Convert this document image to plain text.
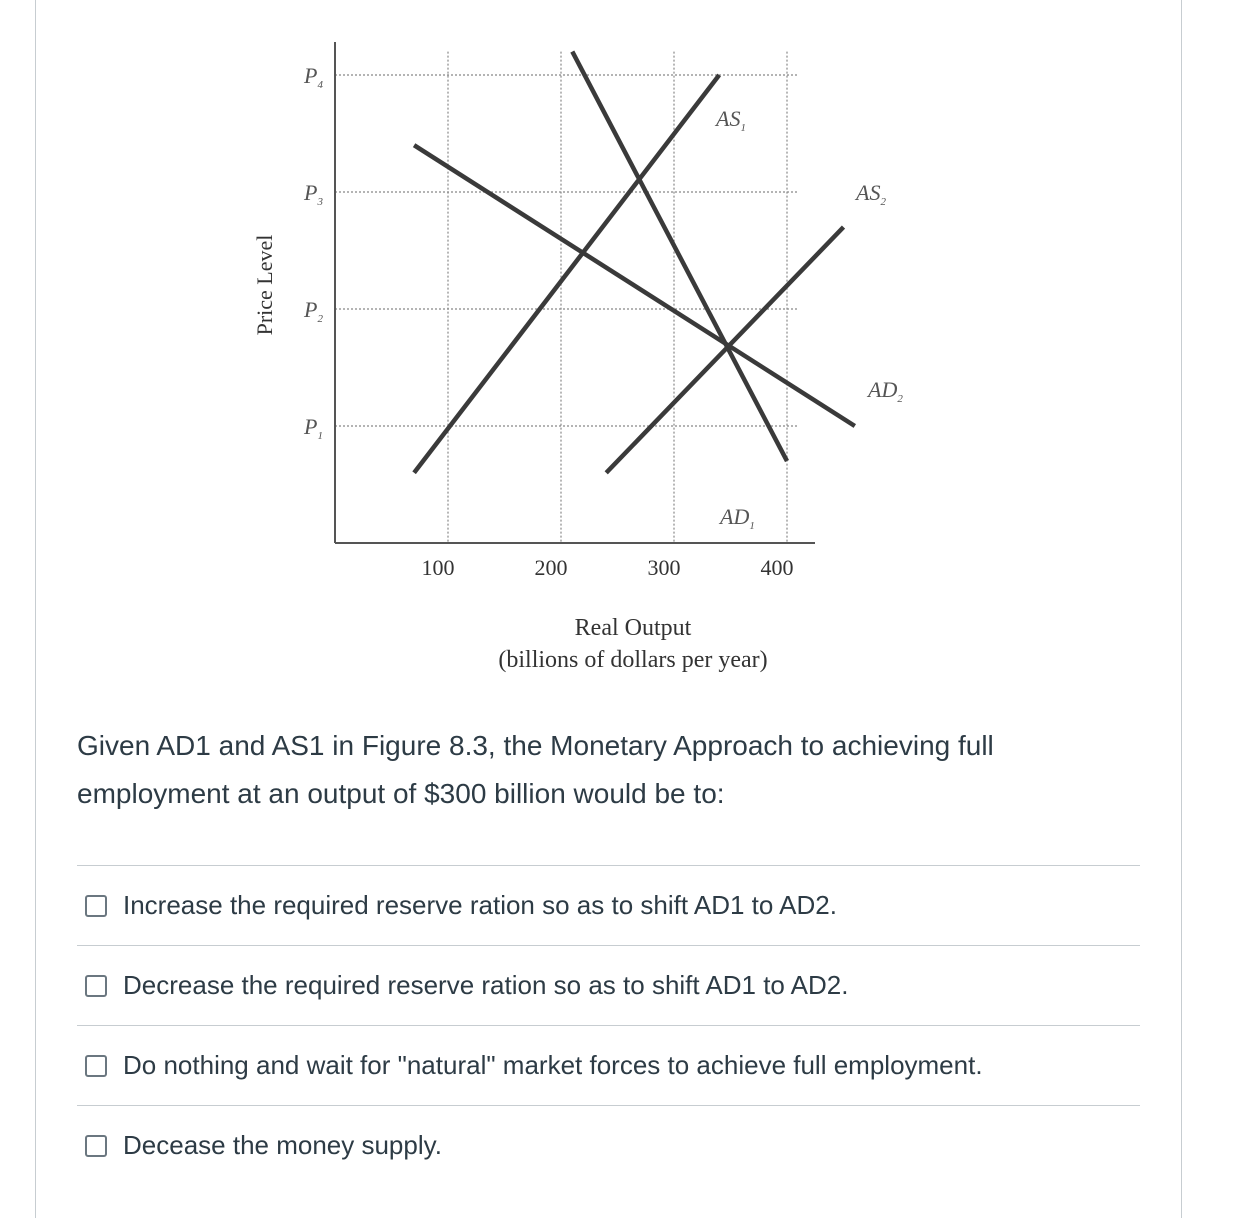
100	200	300	400
$P_1$
$P_2$
$P_3$
$P_4$
$AS_1$
$AS_2$
$AD_2$
$AD_1$
Price Level
Real Output
(billions of dollars per year)
Given AD1 and AS1 in Figure 8.3, the Monetary Approach to achieving full employment at an output of $300 billion would be to:
Increase the required reserve ration so as to shift AD1 to AD2.
Decrease the required reserve ration so as to shift AD1 to AD2.
Do nothing and wait for "natural" market forces to achieve full employment.
Decease the money supply.
